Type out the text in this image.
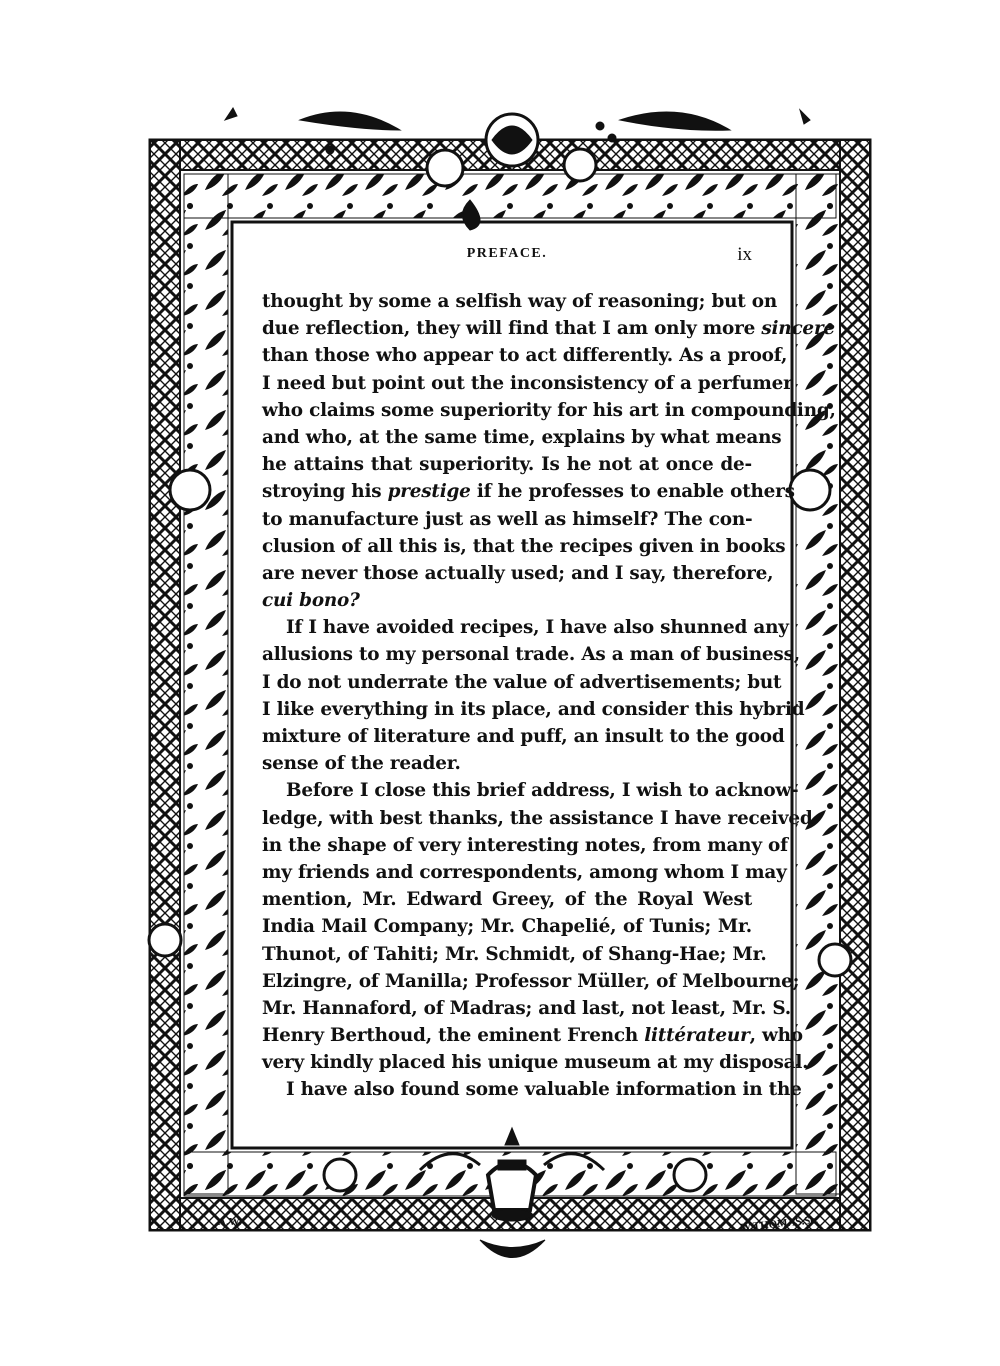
A.W.	W.THOMAS.Sc.
PREFACE.	ix
thought by some a selfish way of reasoning; but on
due reflection, they will find that I am only more sincere
than those who appear to act differently. As a proof,
I need but point out the inconsistency of a perfumer
who claims some superiority for his art in compounding,
and who, at the same time, explains by what means
he attains that superiority. Is he not at once de-
stroying his prestige if he professes to enable others
to manufacture just as well as himself? The con-
clusion of all this is, that the recipes given in books
are never those actually used; and I say, therefore,
cui bono?
If I have avoided recipes, I have also shunned any
allusions to my personal trade. As a man of business,
I do not underrate the value of advertisements; but
I like everything in its place, and consider this hybrid
mixture of literature and puff, an insult to the good
sense of the reader.
Before I close this brief address, I wish to acknow-
ledge, with best thanks, the assistance I have received
in the shape of very interesting notes, from many of
my friends and correspondents, among whom I may
mention, Mr. Edward Greey, of the Royal West
India Mail Company; Mr. Chapelié, of Tunis; Mr.
Thunot, of Tahiti; Mr. Schmidt, of Shang-Hae; Mr.
Elzingre, of Manilla; Professor Müller, of Melbourne;
Mr. Hannaford, of Madras; and last, not least, Mr. S.
Henry Berthoud, the eminent French littérateur, who
very kindly placed his unique museum at my disposal.
I have also found some valuable information in the
